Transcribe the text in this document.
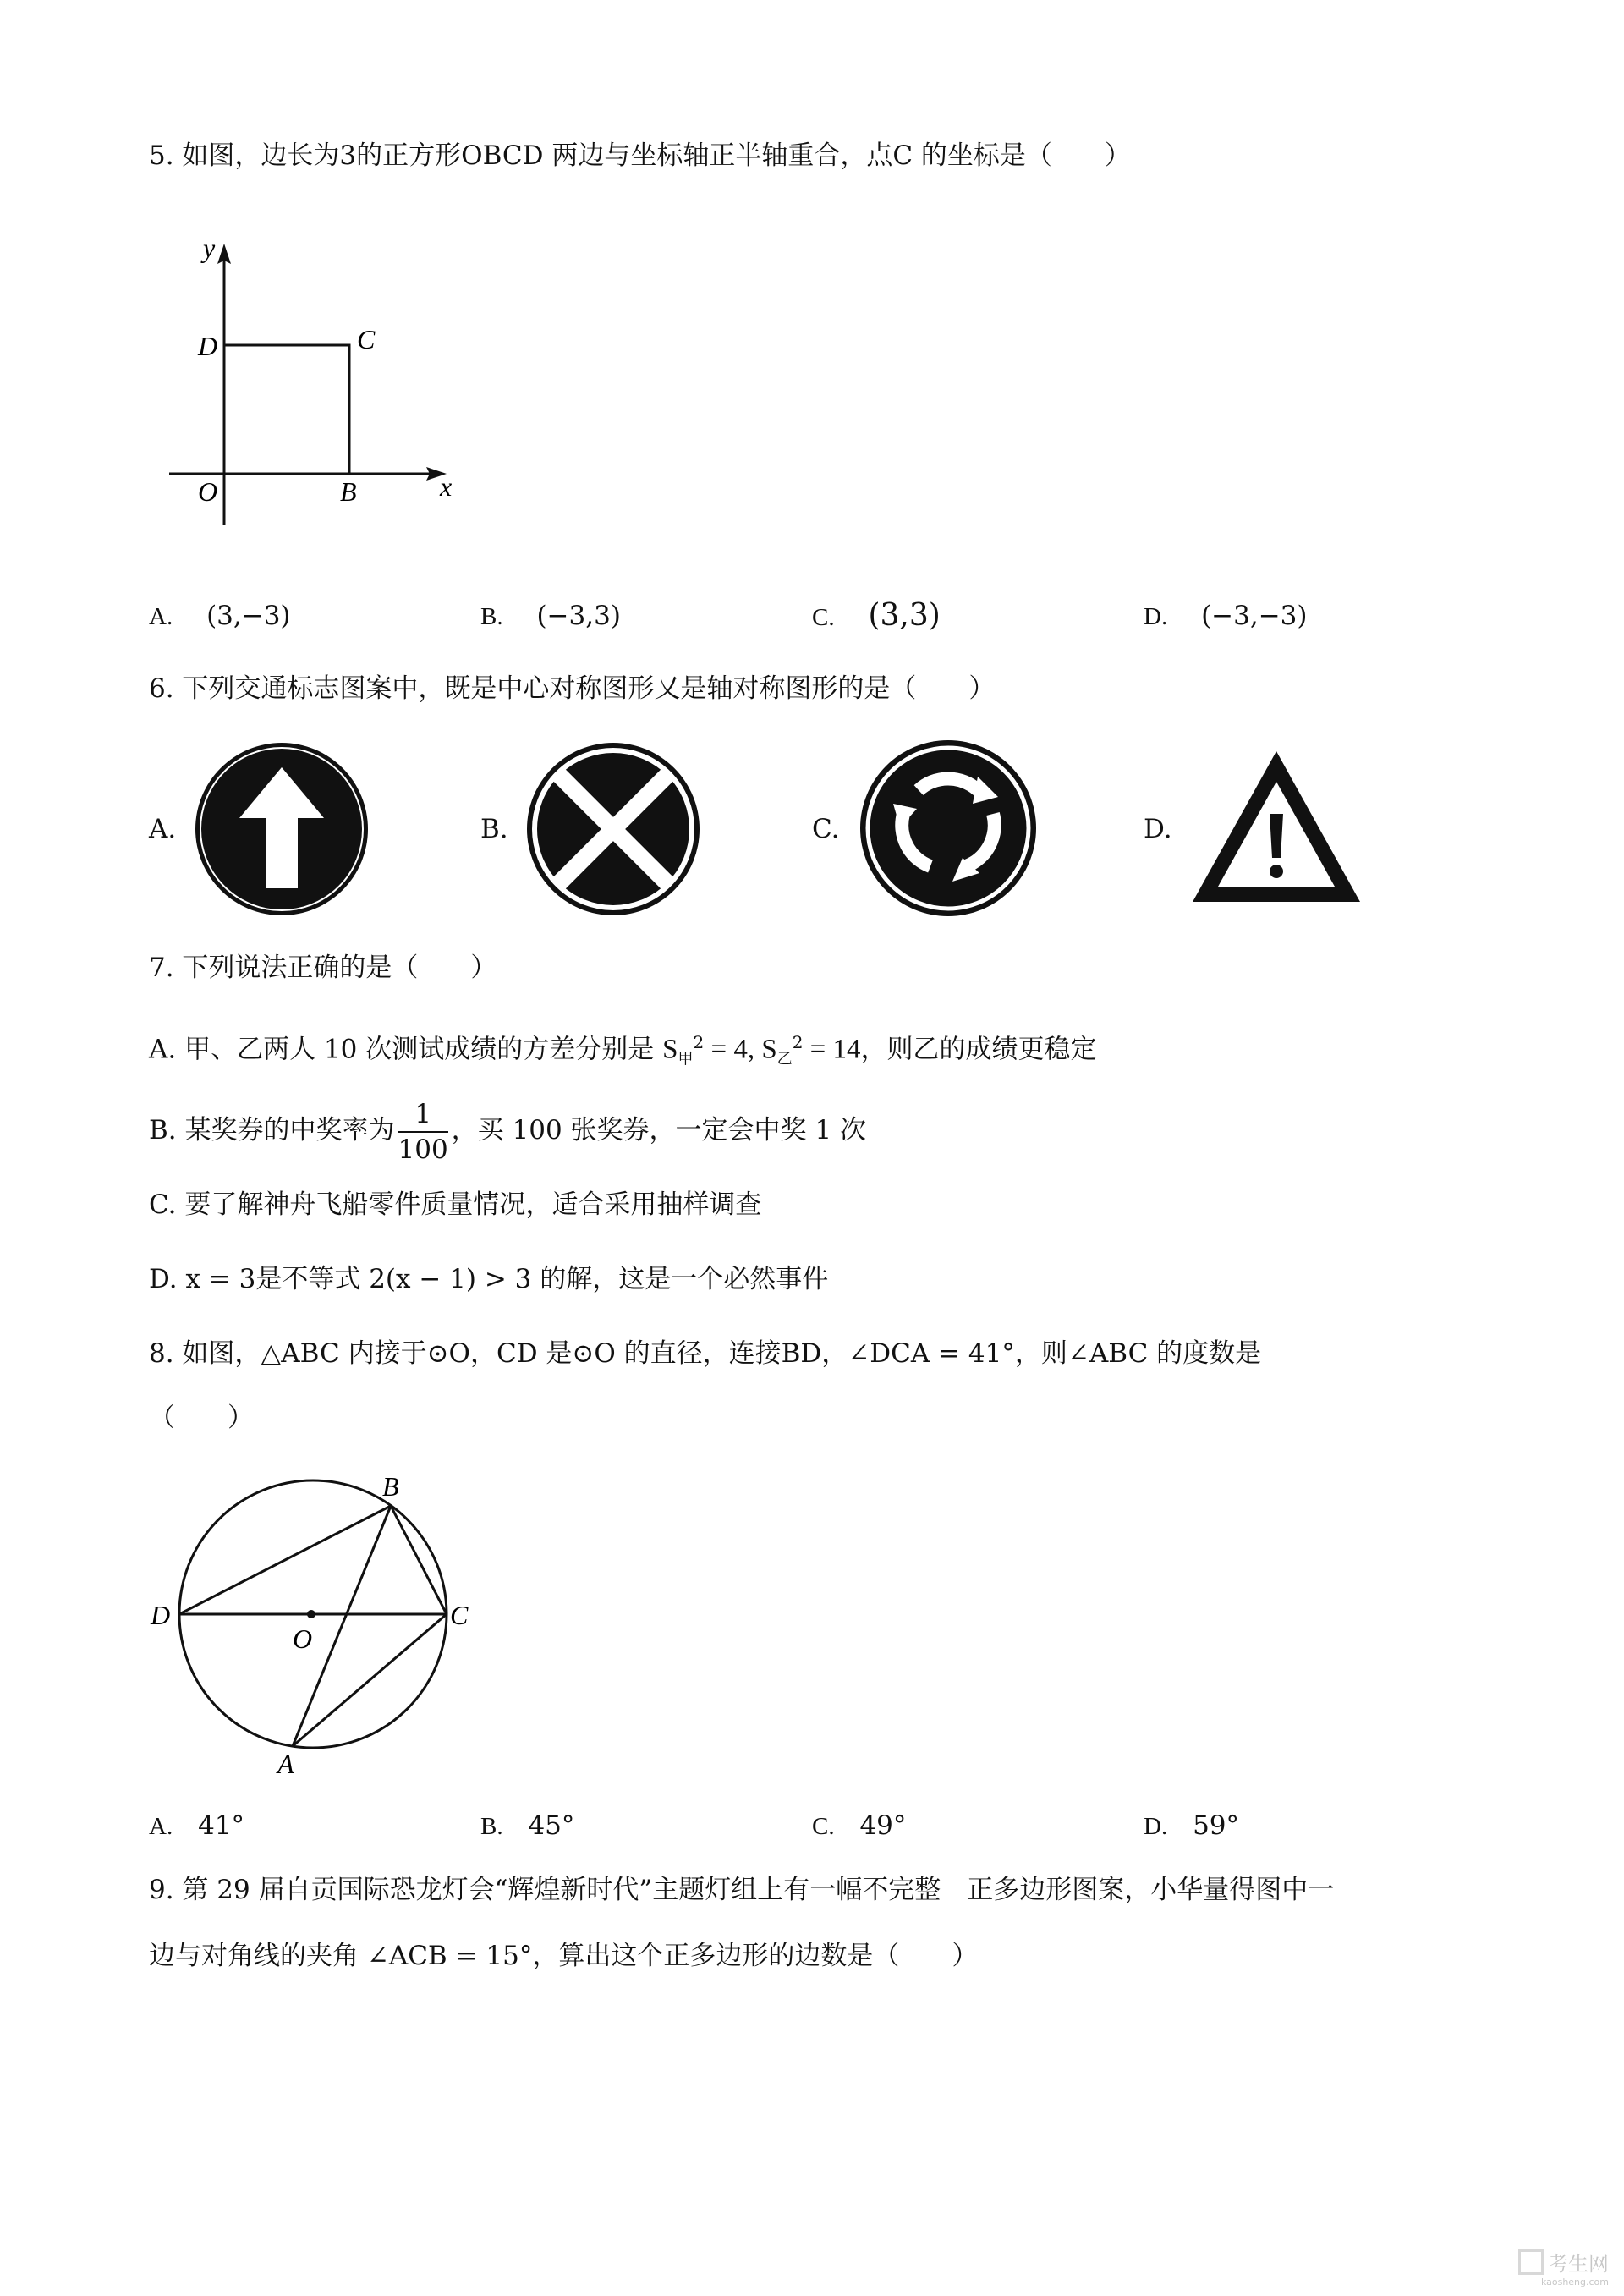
5. 如图，边长为3的正方形OBCD 两边与坐标轴正半轴重合，点C 的坐标是（　　）
y
D	C
O	B	x
A. (3,−3)	B. (−3,3)	C. (3,3)	D. (−3,−3)
6. 下列交通标志图案中，既是中心对称图形又是轴对称图形的是（　　）
A.	B.	C.	D.
7. 下列说法正确的是（　　）
A. 甲、乙两人 10 次测试成绩的方差分别是 $S_甲^2 = 4$, $S_乙^2 = 14$，则乙的成绩更稳定
B. 某奖券的中奖率为 $\frac{1}{100}$ ，买 100 张奖券，一定会中奖 1 次
C. 要了解神舟飞船零件质量情况，适合采用抽样调查
D. x = 3是不等式 2(x − 1) > 3 的解，这是一个必然事件
8. 如图，△ABC 内接于⊙O，CD 是⊙O 的直径，连接BD，∠DCA = 41°，则∠ABC 的度数是
（　　）
B
D
O
C
A
A. 41°	B. 45°	C. 49°	D. 59°
9. 第 29 届自贡国际恐龙灯会“辉煌新时代”主题灯组上有一幅不完整　正多边形图案，小华量得图中一
边与对角线的夹角 ∠ACB = 15°，算出这个正多边形的边数是（　　）
考生网
kaosheng.com
